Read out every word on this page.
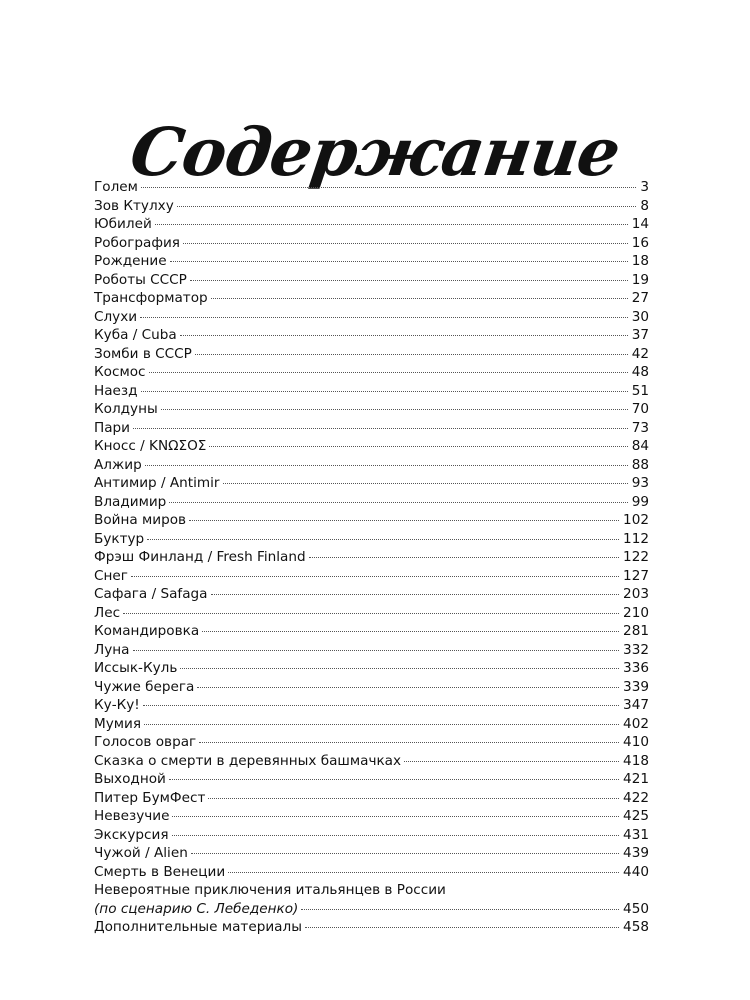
Содержание
Голем	3
Зов Ктулху	8
Юбилей	14
Робография	16
Рождение	18
Роботы СССР	19
Трансформатор	27
Слухи	30
Куба / Cuba	37
Зомби в СССР	42
Космос	48
Наезд	51
Колдуны	70
Пари	73
Кносс / ΚΝΩΣΟΣ	84
Алжир	88
Антимир / Antimir	93
Владимир	99
Война миров	102
Буктур	112
Фрэш Финланд / Fresh Finland	122
Снег	127
Сафага / Safaga	203
Лес	210
Командировка	281
Луна	332
Иссык-Куль	336
Чужие берега	339
Ку-Ку!	347
Мумия	402
Голосов овраг	410
Сказка о смерти в деревянных башмачках	418
Выходной	421
Питер БумФест	422
Невезучие	425
Экскурсия	431
Чужой / Alien	439
Смерть в Венеции	440
Невероятные приключения итальянцев в России
(по сценарию С. Лебеденко)	450
Дополнительные материалы	458
